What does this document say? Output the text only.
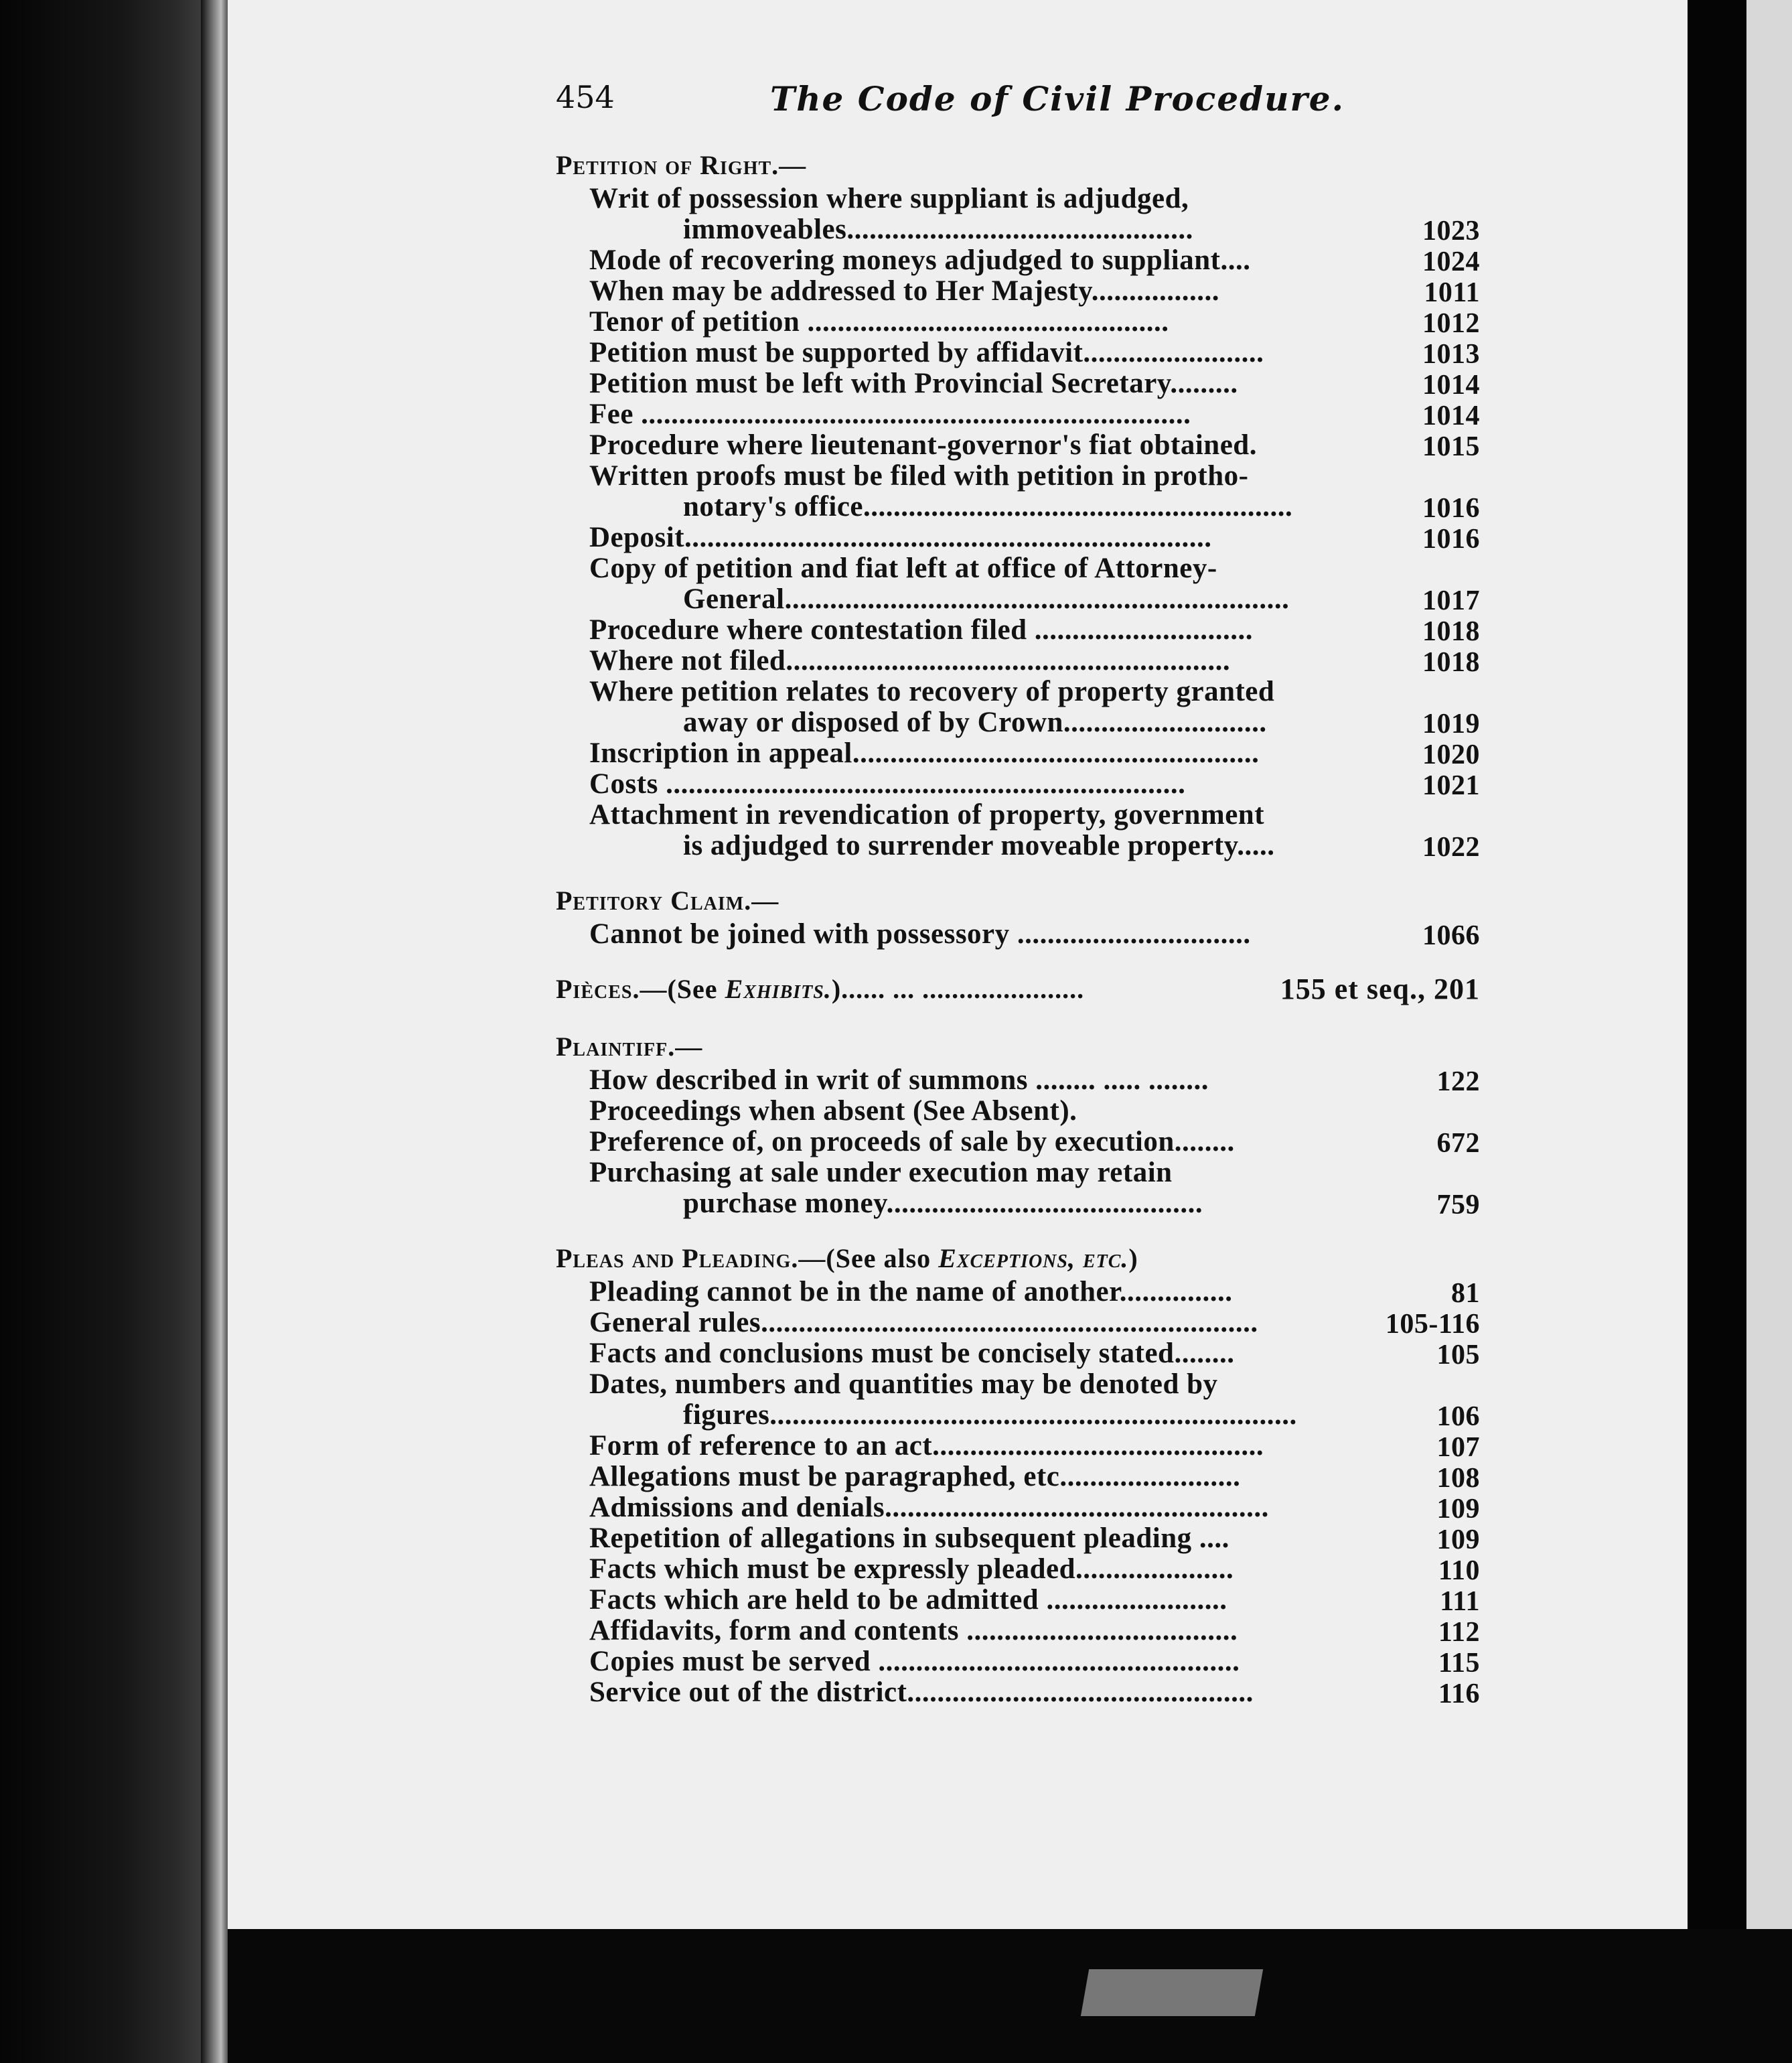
454	The Code of Civil Procedure.
Petition of Right.—
Writ of possession where suppliant is adjudged,
immoveables..............................................	1023
Mode of recovering moneys adjudged to suppliant....	1024
When may be addressed to Her Majesty.................	1011
Tenor of petition ................................................	1012
Petition must be supported by affidavit........................	1013
Petition must be left with Provincial Secretary.........	1014
Fee .........................................................................	1014
Procedure where lieutenant-governor's fiat obtained.	1015
Written proofs must be filed with petition in protho-
notary's office.........................................................	1016
Deposit......................................................................	1016
Copy of petition and fiat left at office of Attorney-
General...................................................................	1017
Procedure where contestation filed .............................	1018
Where not filed...........................................................	1018
Where petition relates to recovery of property granted
away or disposed of by Crown...........................	1019
Inscription in appeal......................................................	1020
Costs .....................................................................	1021
Attachment in revendication of property, government
is adjudged to surrender moveable property.....	1022
Petitory Claim.—
Cannot be joined with possessory ...............................	1066
Pièces.—(See Exhibits.)...... ... ......................	155 et seq., 201
Plaintiff.—
How described in writ of summons ........ ..... ........	122
Proceedings when absent (See Absent).
Preference of, on proceeds of sale by execution........	672
Purchasing at sale under execution may retain
purchase money..........................................	759
Pleas and Pleading.—(See also Exceptions, etc.)
Pleading cannot be in the name of another...............	81
General rules..................................................................	105-116
Facts and conclusions must be concisely stated........	105
Dates, numbers and quantities may be denoted by
figures......................................................................	106
Form of reference to an act............................................	107
Allegations must be paragraphed, etc........................	108
Admissions and denials...................................................	109
Repetition of allegations in subsequent pleading ....	109
Facts which must be expressly pleaded.....................	110
Facts which are held to be admitted ........................	111
Affidavits, form and contents ....................................	112
Copies must be served ................................................	115
Service out of the district..............................................	116
